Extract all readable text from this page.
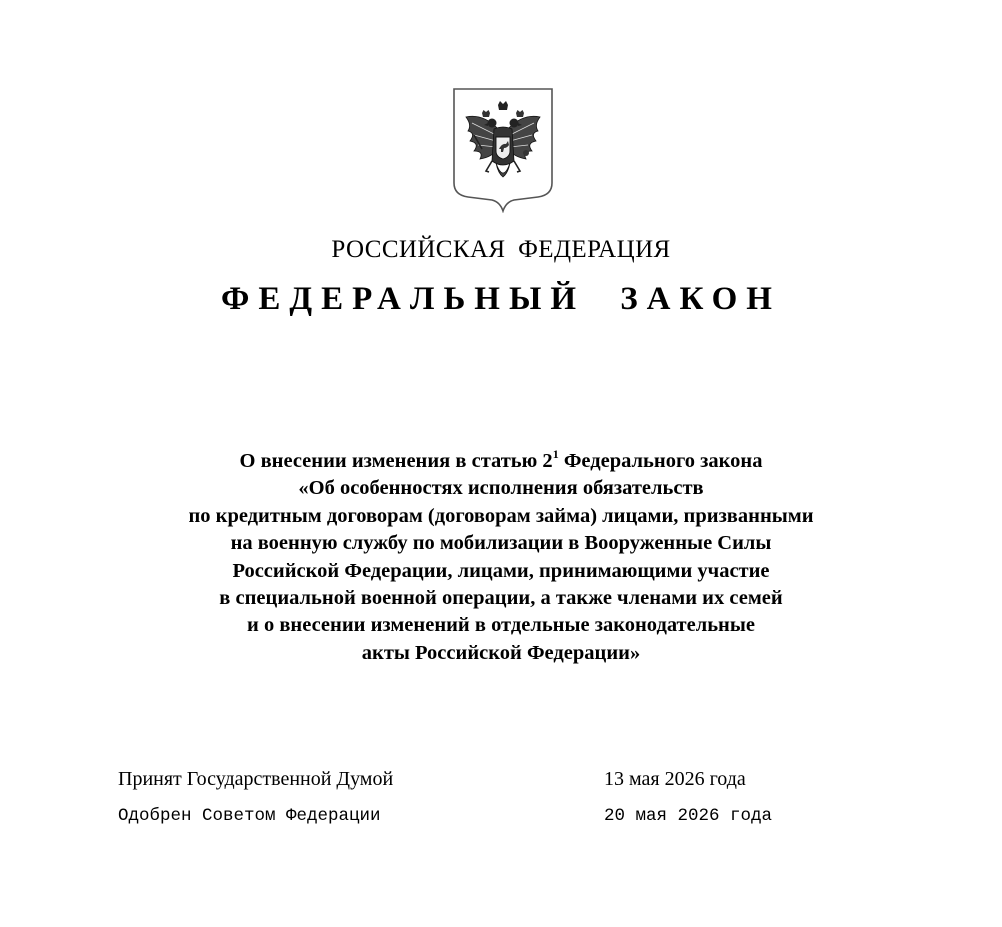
РОССИЙСКАЯ ФЕДЕРАЦИЯ
ФЕДЕРАЛЬНЫЙ ЗАКОН
О внесении изменения в статью $2^1$ Федерального закона
«Об особенностях исполнения обязательств
по кредитным договорам (договорам займа) лицами, призванными
на военную службу по мобилизации в Вооруженные Силы
Российской Федерации, лицами, принимающими участие
в специальной военной операции, а также членами их семей
и о внесении изменений в отдельные законодательные
акты Российской Федерации»
Принят Государственной Думой	13 мая 2026 года
Одобрен Советом Федерации	20 мая 2026 года
